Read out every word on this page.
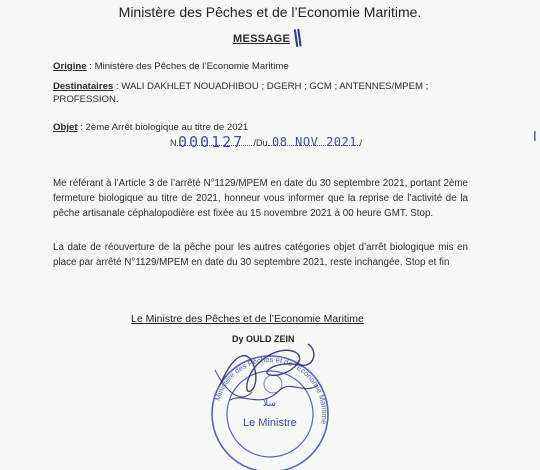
Ministère des Pêches et de l’Economie Maritime.
MESSAGE ∥
Origine : Ministère des Pêches de l’Economie Maritime
Destinataires : WALI DAKHLET NOUADHIBOU ; DGERH ; GCM ; ANTENNES/MPEM ;
PROFESSION.
Objet : 2ème Arrêt biologique au titre de 2021
N	/Du	/
000127 08 NOV 2021
Me référant à l’Article 3 de l’arrêté N°1129/MPEM en date du 30 septembre 2021, portant 2ème fermeture biologique au titre de 2021, honneur vous informer que la reprise de l’activité de la pêche artisanale céphalopodière est fixée au 15 novembre 2021 à 00 heure GMT. Stop.
La date de réouverture de la pêche pour les autres catégories objet d’arrêt biologique mis en place par arrêté N°1129/MPEM en date du 30 septembre 2021, reste inchangée. Stop et fin
Le Ministre des Pêches et de l’Economie Maritime
Dy OULD ZEIN
Ministère des Pêches et de l'Economie Maritime
سلا
Le Ministre
ǀ
